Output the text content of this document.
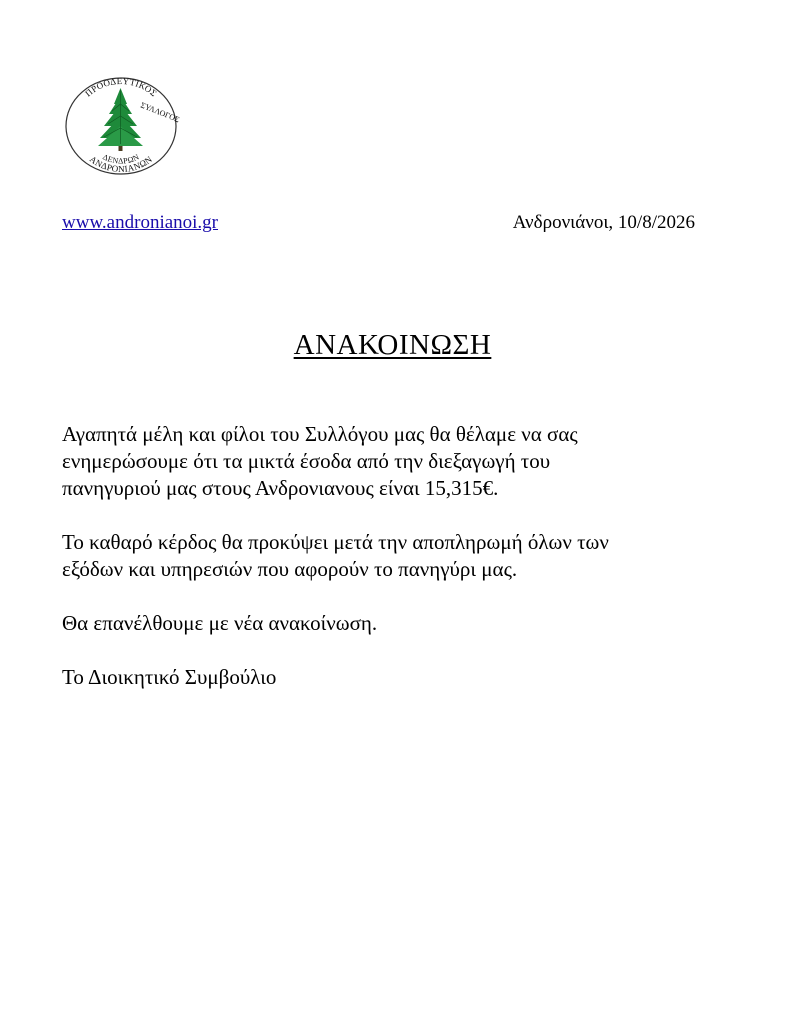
ΠΡΟΟΔΕΥΤΙΚΟΣ
ΣΥΛΛΟΓΟΣ
ΑΝΔΡΟΝΙΑΝΩΝ
ΔΕΝΔΡΩΝ
www.andronianoi.gr	Ανδρονιάνοι, 10/8/2026
ΑΝΑΚΟΙΝΩΣΗ

Αγαπητά μέλη και φίλοι του Συλλόγου μας θα θέλαμε να σας
ενημερώσουμε ότι τα μικτά έσοδα από την διεξαγωγή του
πανηγυριού μας στους Ανδρονιανους είναι 15,315€.

Το καθαρό κέρδος θα προκύψει μετά την αποπληρωμή όλων των
εξόδων και υπηρεσιών που αφορούν το πανηγύρι μας.

Θα επανέλθουμε με νέα ανακοίνωση.

Το Διοικητικό Συμβούλιο
